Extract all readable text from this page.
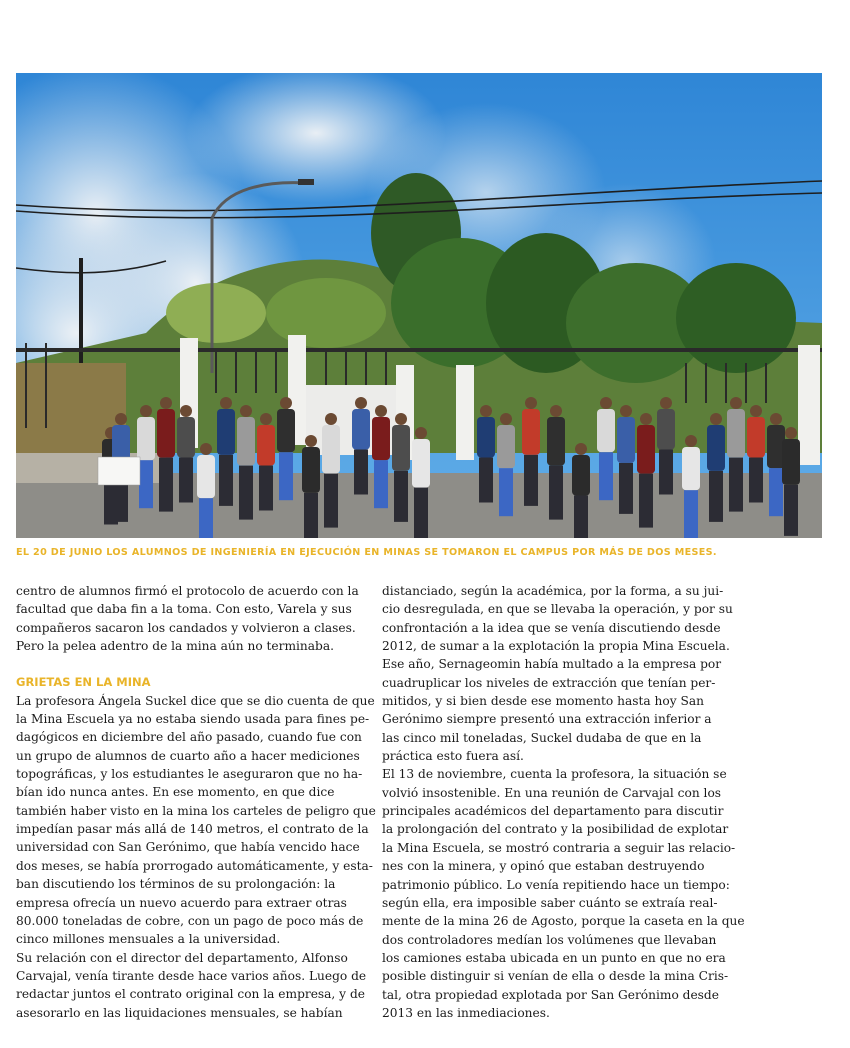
EL 20 DE JUNIO LOS ALUMNOS DE INGENIERÍA EN EJECUCIÓN EN MINAS SE TOMARON EL CAMPUS POR MÁS DE DOS MESES.

centro de alumnos firmó el protocolo de acuerdo con la
facultad que daba fin a la toma. Con esto, Varela y sus
compañeros sacaron los candados y volvieron a clases.
Pero la pelea adentro de la mina aún no terminaba.

GRIETAS EN LA MINA

La profesora Ángela Suckel dice que se dio cuenta de que
la Mina Escuela ya no estaba siendo usada para fines pe-
dagógicos en diciembre del año pasado, cuando fue con
un grupo de alumnos de cuarto año a hacer mediciones
topográficas, y los estudiantes le aseguraron que no ha-
bían ido nunca antes. En ese momento, en que dice
también haber visto en la mina los carteles de peligro que
impedían pasar más allá de 140 metros, el contrato de la
universidad con San Gerónimo, que había vencido hace
dos meses, se había prorrogado automáticamente, y esta-
ban discutiendo los términos de su prolongación: la
empresa ofrecía un nuevo acuerdo para extraer otras
80.000 toneladas de cobre, con un pago de poco más de
cinco millones mensuales a la universidad.

Su relación con el director del departamento, Alfonso
Carvajal, venía tirante desde hace varios años. Luego de
redactar juntos el contrato original con la empresa, y de
asesorarlo en las liquidaciones mensuales, se habían

distanciado, según la académica, por la forma, a su jui-
cio desregulada, en que se llevaba la operación, y por su
confrontación a la idea que se venía discutiendo desde
2012, de sumar a la explotación la propia Mina Escuela.
Ese año, Sernageomin había multado a la empresa por
cuadruplicar los niveles de extracción que tenían per-
mitidos, y si bien desde ese momento hasta hoy San
Gerónimo siempre presentó una extracción inferior a
las cinco mil toneladas, Suckel dudaba de que en la
práctica esto fuera así.

El 13 de noviembre, cuenta la profesora, la situación se
volvió insostenible. En una reunión de Carvajal con los
principales académicos del departamento para discutir
la prolongación del contrato y la posibilidad de explotar
la Mina Escuela, se mostró contraria a seguir las relacio-
nes con la minera, y opinó que estaban destruyendo
patrimonio público. Lo venía repitiendo hace un tiempo:
según ella, era imposible saber cuánto se extraía real-
mente de la mina 26 de Agosto, porque la caseta en la que
dos controladores medían los volúmenes que llevaban
los camiones estaba ubicada en un punto en que no era
posible distinguir si venían de ella o desde la mina Cris-
tal, otra propiedad explotada por San Gerónimo desde
2013 en las inmediaciones.
